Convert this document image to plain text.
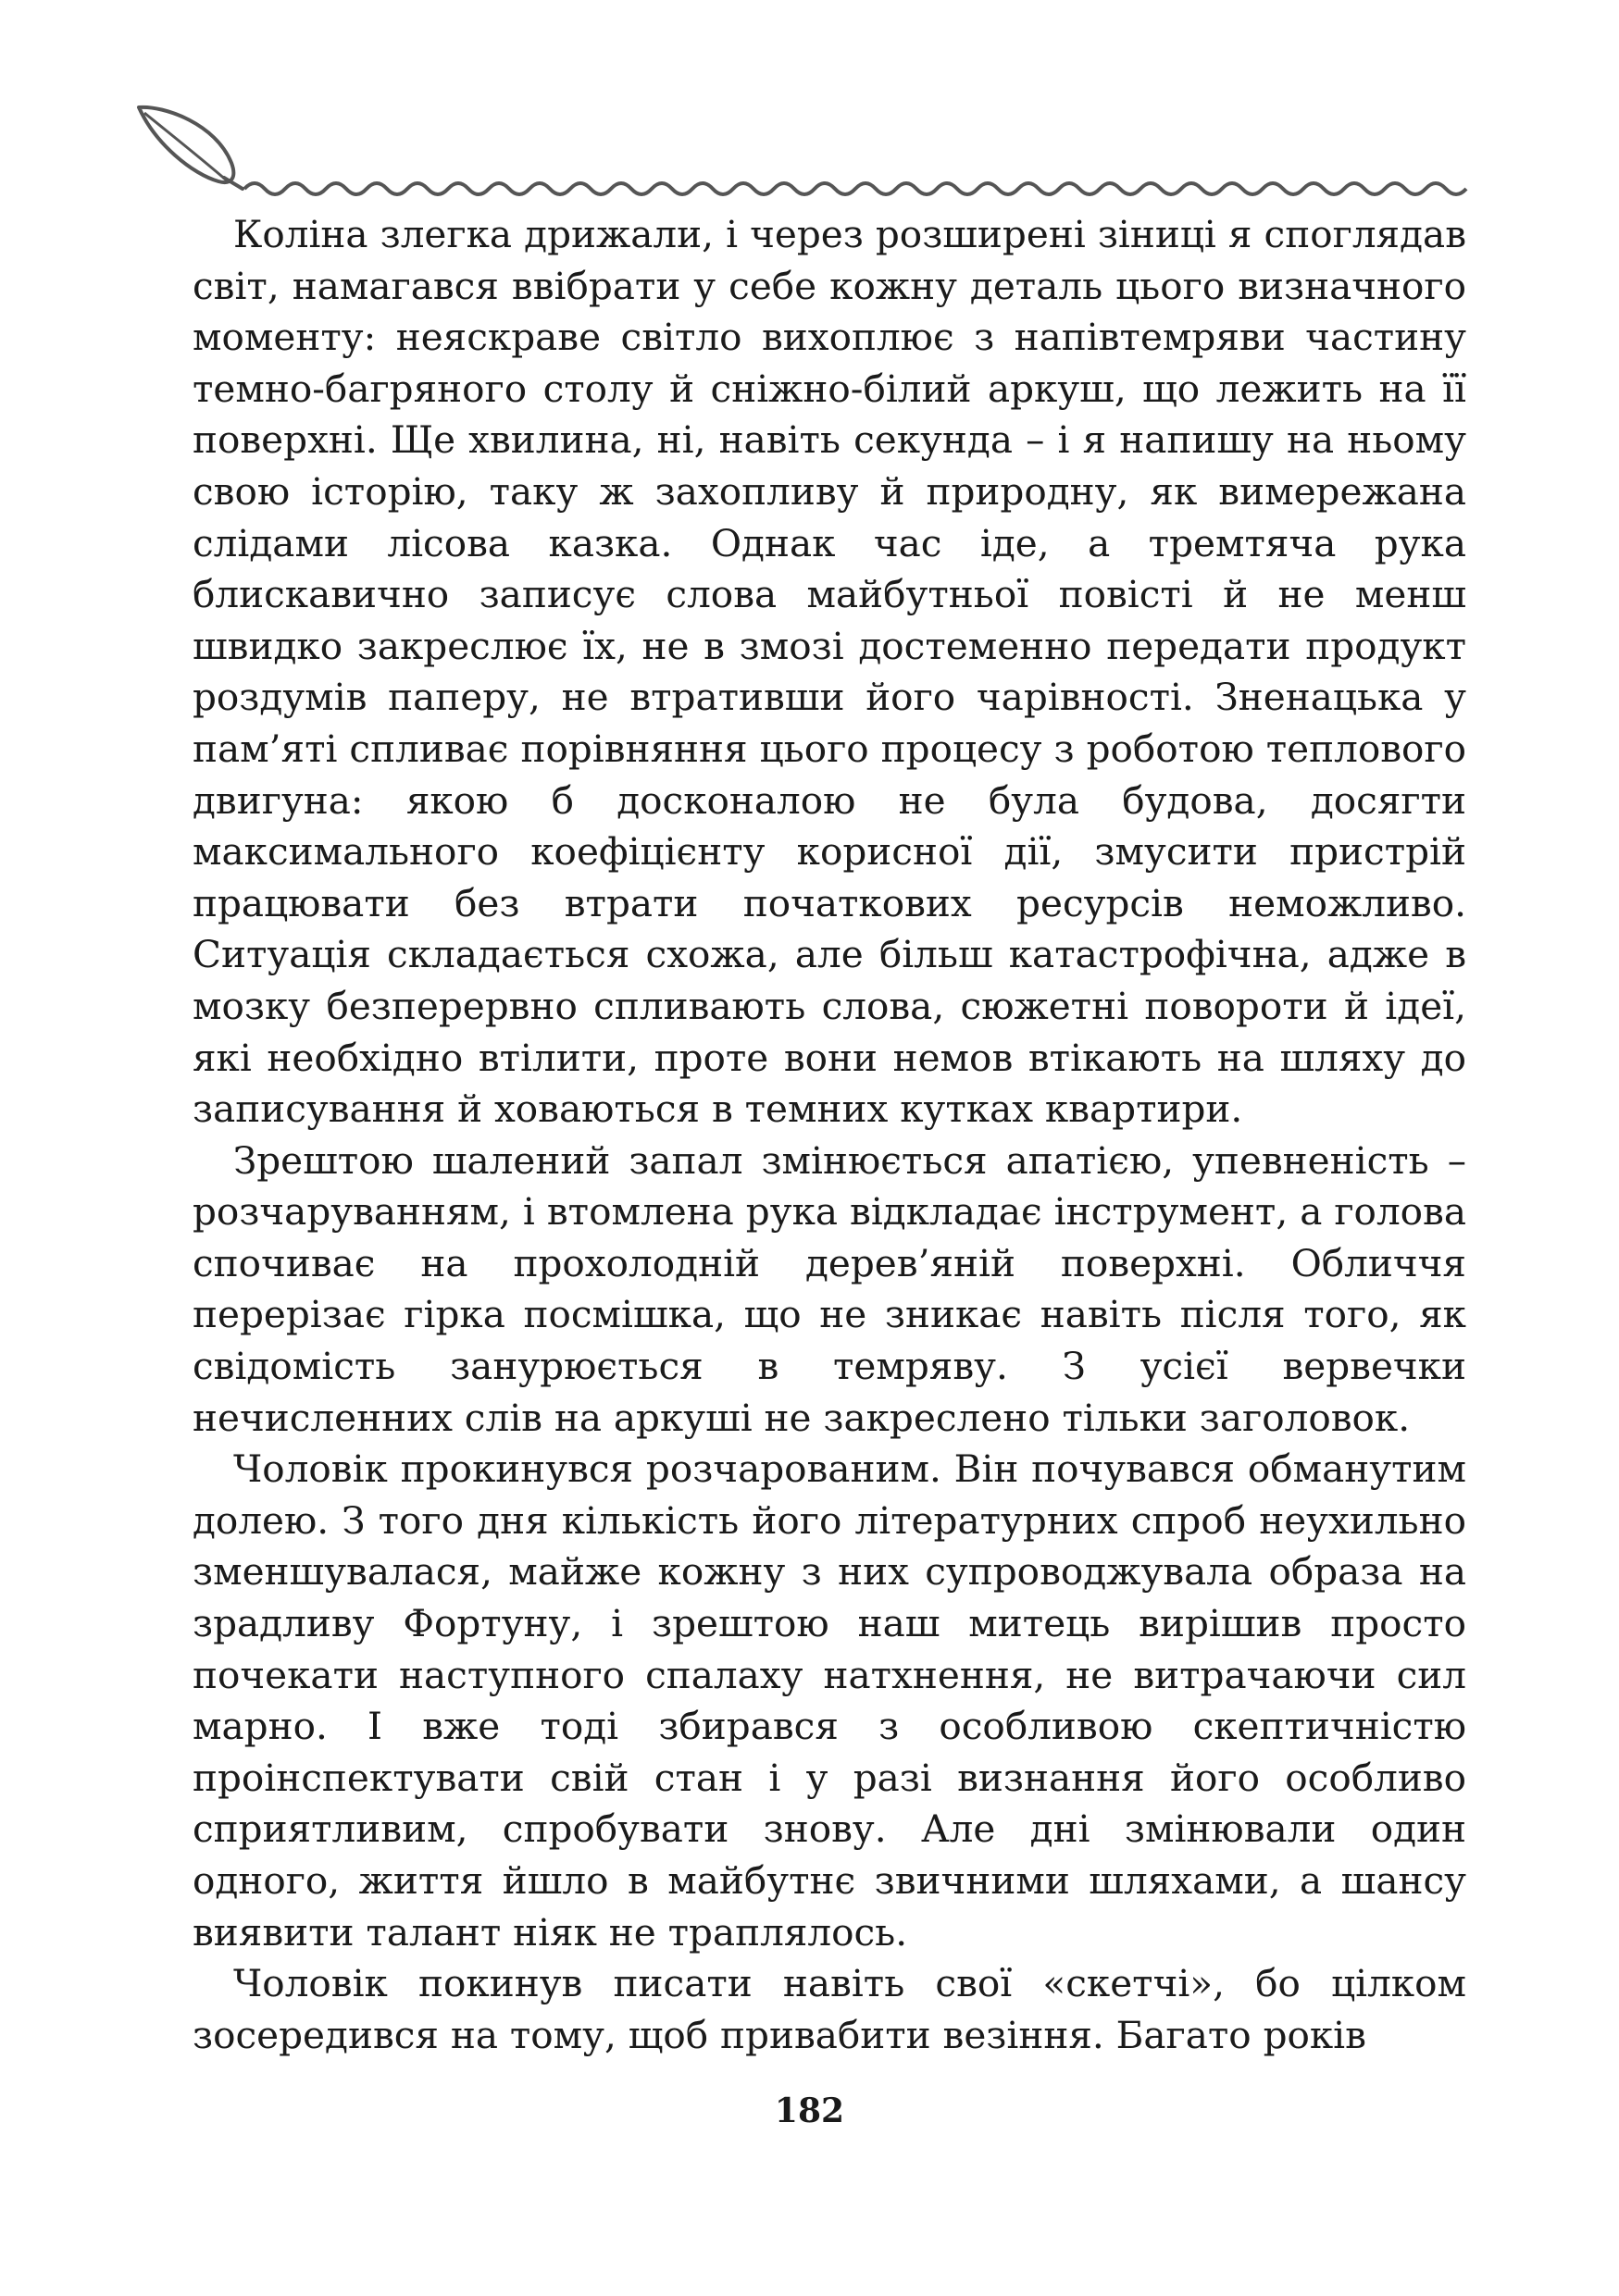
Коліна злегка дрижали, і через розширені зіниці я споглядав світ, намагався ввібрати у себе кожну деталь цього визначного моменту: неяскраве світло вихоплює з напівтемряви частину темно-багряного столу й сніжно-білий аркуш, що лежить на її поверхні. Ще хвилина, ні, навіть секунда – і я напишу на ньому свою історію, таку ж захопливу й природну, як вимережана слідами лісова казка. Однак час іде, а тремтяча рука блискавично записує слова майбутньої повісті й не менш швидко закреслює їх, не в змозі достеменно передати продукт роздумів паперу, не втративши його чарівності. Зненацька у пам’яті спливає порівняння цього процесу з роботою теплового двигуна: якою б досконалою не була будова, досягти максимального коефіцієнту корисної дії, змусити пристрій працювати без втрати початкових ресурсів неможливо. Ситуація складається схожа, але більш катастрофічна, адже в мозку безперервно спливають слова, сюжетні повороти й ідеї, які необхідно втілити, проте вони немов втікають на шляху до записування й ховаються в темних кутках квартири.

Зрештою шалений запал змінюється апатією, упевненість – розчаруванням, і втомлена рука відкладає інструмент, а голова спочиває на прохолодній дерев’яній поверхні. Обличчя перерізає гірка посмішка, що не зникає навіть після того, як свідомість занурюється в темряву. З усієї вервечки нечисленних слів на аркуші не закреслено тільки заголовок.

Чоловік прокинувся розчарованим. Він почувався обманутим долею. З того дня кількість його літературних спроб неухильно зменшувалася, майже кожну з них супроводжувала образа на зрадливу Фортуну, і зрештою наш митець вирішив просто почекати наступного спалаху натхнення, не витрачаючи сил марно. І вже тоді збирався з особливою скептичністю проінспектувати свій стан і у разі визнання його особливо сприятливим, спробувати знову. Але дні змінювали один одного, життя йшло в майбутнє звичними шляхами, а шансу виявити талант ніяк не траплялось.

Чоловік покинув писати навіть свої «скетчі», бо цілком зосередився на тому, щоб привабити везіння. Багато років

182
